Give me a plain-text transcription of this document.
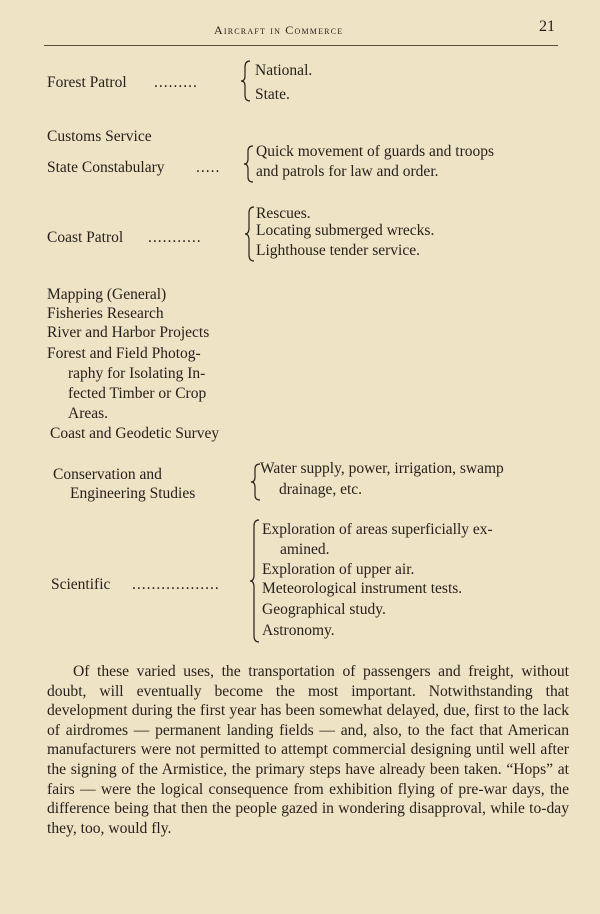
Aircraft in Commerce	21
Forest Patrol .........
National.
State.
Customs Service
State Constabulary .....
Quick movement of guards and troops
and patrols for law and order.
Coast Patrol ...........
Rescues.
Locating submerged wrecks.
Lighthouse tender service.
Mapping (General)
Fisheries Research
River and Harbor Projects
Forest and Field Photog-
raphy for Isolating In-
fected Timber or Crop
Areas.
Coast and Geodetic Survey
Conservation and
Engineering Studies
Water supply, power, irrigation, swamp
drainage, etc.
Scientific ..................
Exploration of areas superficially ex-
amined.
Exploration of upper air.
Meteorological instrument tests.
Geographical study.
Astronomy.

Of these varied uses, the transportation of passengers and freight, without doubt, will eventually become the most important. Notwithstanding that development during the first year has been somewhat delayed, due, first to the lack of airdromes — permanent landing fields — and, also, to the fact that American manufacturers were not permitted to attempt commercial designing until well after the signing of the Armistice, the primary steps have already been taken. “Hops” at fairs — were the logical consequence from exhibition flying of pre-war days, the difference being that then the people gazed in wondering disapproval, while to-day they, too, would fly.
